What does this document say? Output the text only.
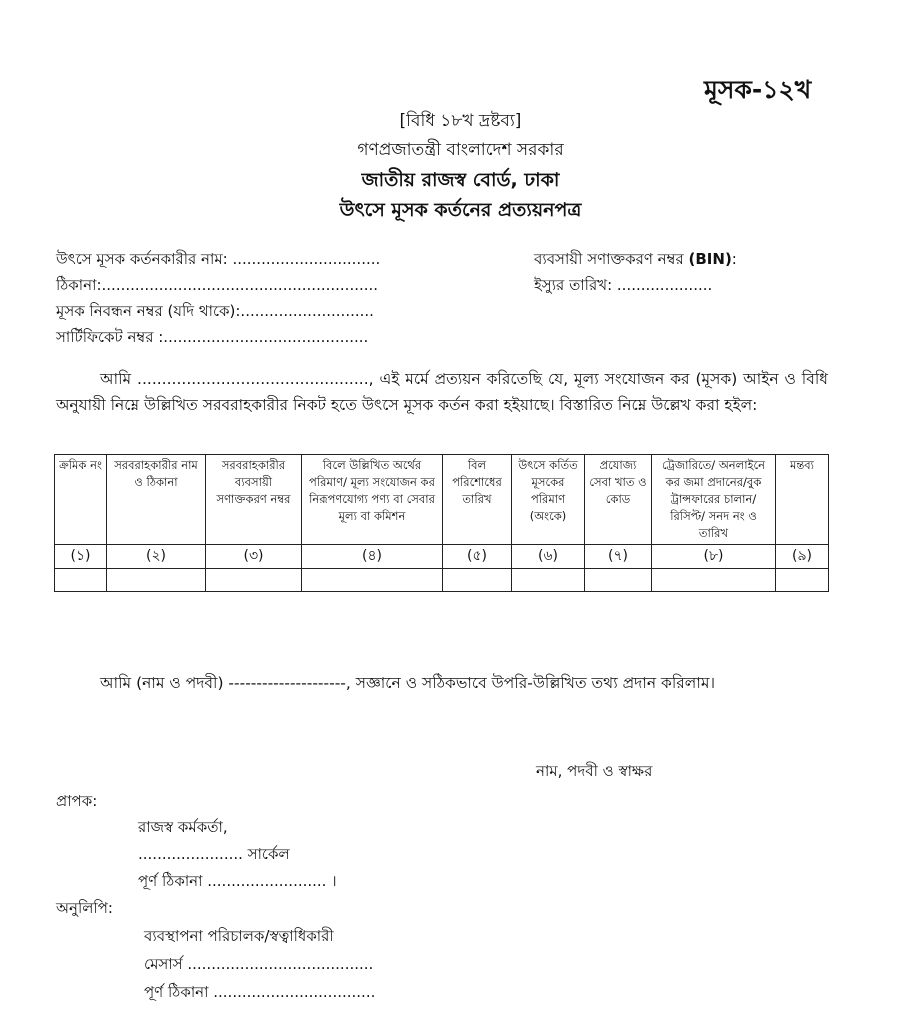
মূসক-১২খ
[বিধি ১৮খ দ্রষ্টব্য]
গণপ্রজাতন্ত্রী বাংলাদেশ সরকার
জাতীয় রাজস্ব বোর্ড, ঢাকা
উৎসে মূসক কর্তনের প্রত্যয়নপত্র
উৎসে মূসক কর্তনকারীর নাম: ...............................
ঠিকানা:..........................................................
মূসক নিবন্ধন নম্বর (যদি থাকে):............................
সার্টিফিকেট নম্বর :...........................................
ব্যবসায়ী সণাক্তকরণ নম্বর (BIN):
ইস্যুর তারিখ: ....................
আমি ..............................................., এই মর্মে প্রত্যয়ন করিতেছি যে, মূল্য সংযোজন কর (মূসক) আইন ও বিধি অনুযায়ী নিম্নে উল্লিখিত সরবরাহকারীর নিকট হতে উৎসে মূসক কর্তন করা হইয়াছে। বিস্তারিত নিম্নে উল্লেখ করা হইল:
ক্রমিক নং	সরবরাহকারীর নাম ও ঠিকানা	সরবরাহকারীর ব্যবসায়ী সণাক্তকরণ নম্বর	বিলে উল্লিখিত অর্থের পরিমাণ/ মূল্য সংযোজন কর নিরূপণযোগ্য পণ্য বা সেবার মূল্য বা কমিশন	বিল পরিশোধের তারিখ	উৎসে কর্তিত মূসকের পরিমাণ (অংকে)	প্রযোজ্য সেবা খাত ও কোড	ট্রেজারিতে/ অনলাইনে কর জমা প্রদানের/বুক ট্রান্সফারের চালান/রিসিপ্ট/ সনদ নং ও তারিখ	মন্তব্য
(১)	(২)	(৩)	(৪)	(৫)	(৬)	(৭)	(৮)	(৯)

আমি (নাম ও পদবী) ---------------------, সজ্ঞানে ও সঠিকভাবে উপরি-উল্লিখিত তথ্য প্রদান করিলাম।
নাম, পদবী ও স্বাক্ষর
প্রাপক:
রাজস্ব কর্মকর্তা,
...................... সার্কেল
পূর্ণ ঠিকানা ......................... ।
অনুলিপি:
ব্যবস্থাপনা পরিচালক/স্বত্বাধিকারী
মেসার্স .......................................
পূর্ণ ঠিকানা ..................................
